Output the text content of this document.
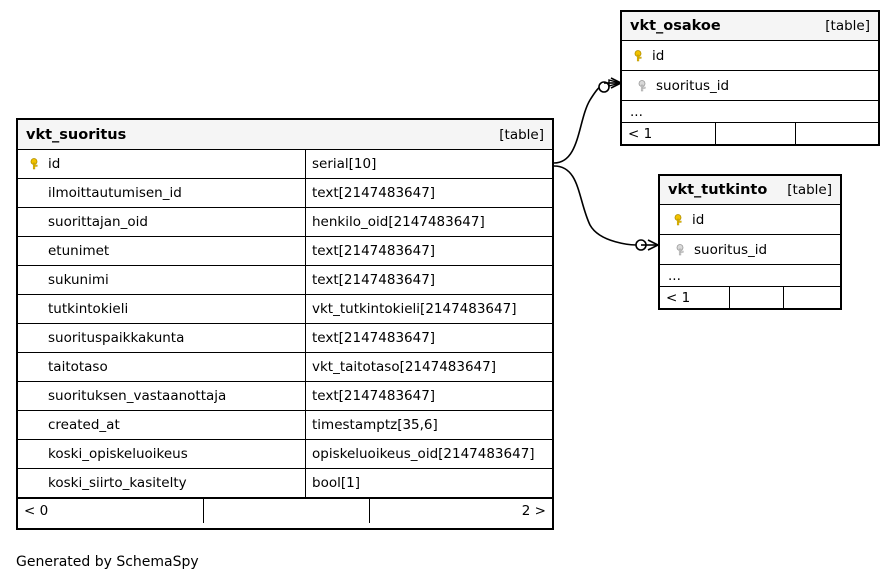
vkt_suoritus	[table]
id	serial[10]
ilmoittautumisen_id	text[2147483647]
suorittajan_oid	henkilo_oid[2147483647]
etunimet	text[2147483647]
sukunimi	text[2147483647]
tutkintokieli	vkt_tutkintokieli[2147483647]
suorituspaikkakunta	text[2147483647]
taitotaso	vkt_taitotaso[2147483647]
suorituksen_vastaanottaja	text[2147483647]
created_at	timestamptz[35,6]
koski_opiskeluoikeus	opiskeluoikeus_oid[2147483647]
koski_siirto_kasitelty	bool[1]
< 0	2 >
vkt_osakoe	[table]
id
suoritus_id
...
< 1
vkt_tutkinto [table]
id
suoritus_id
...
< 1
Generated by SchemaSpy
